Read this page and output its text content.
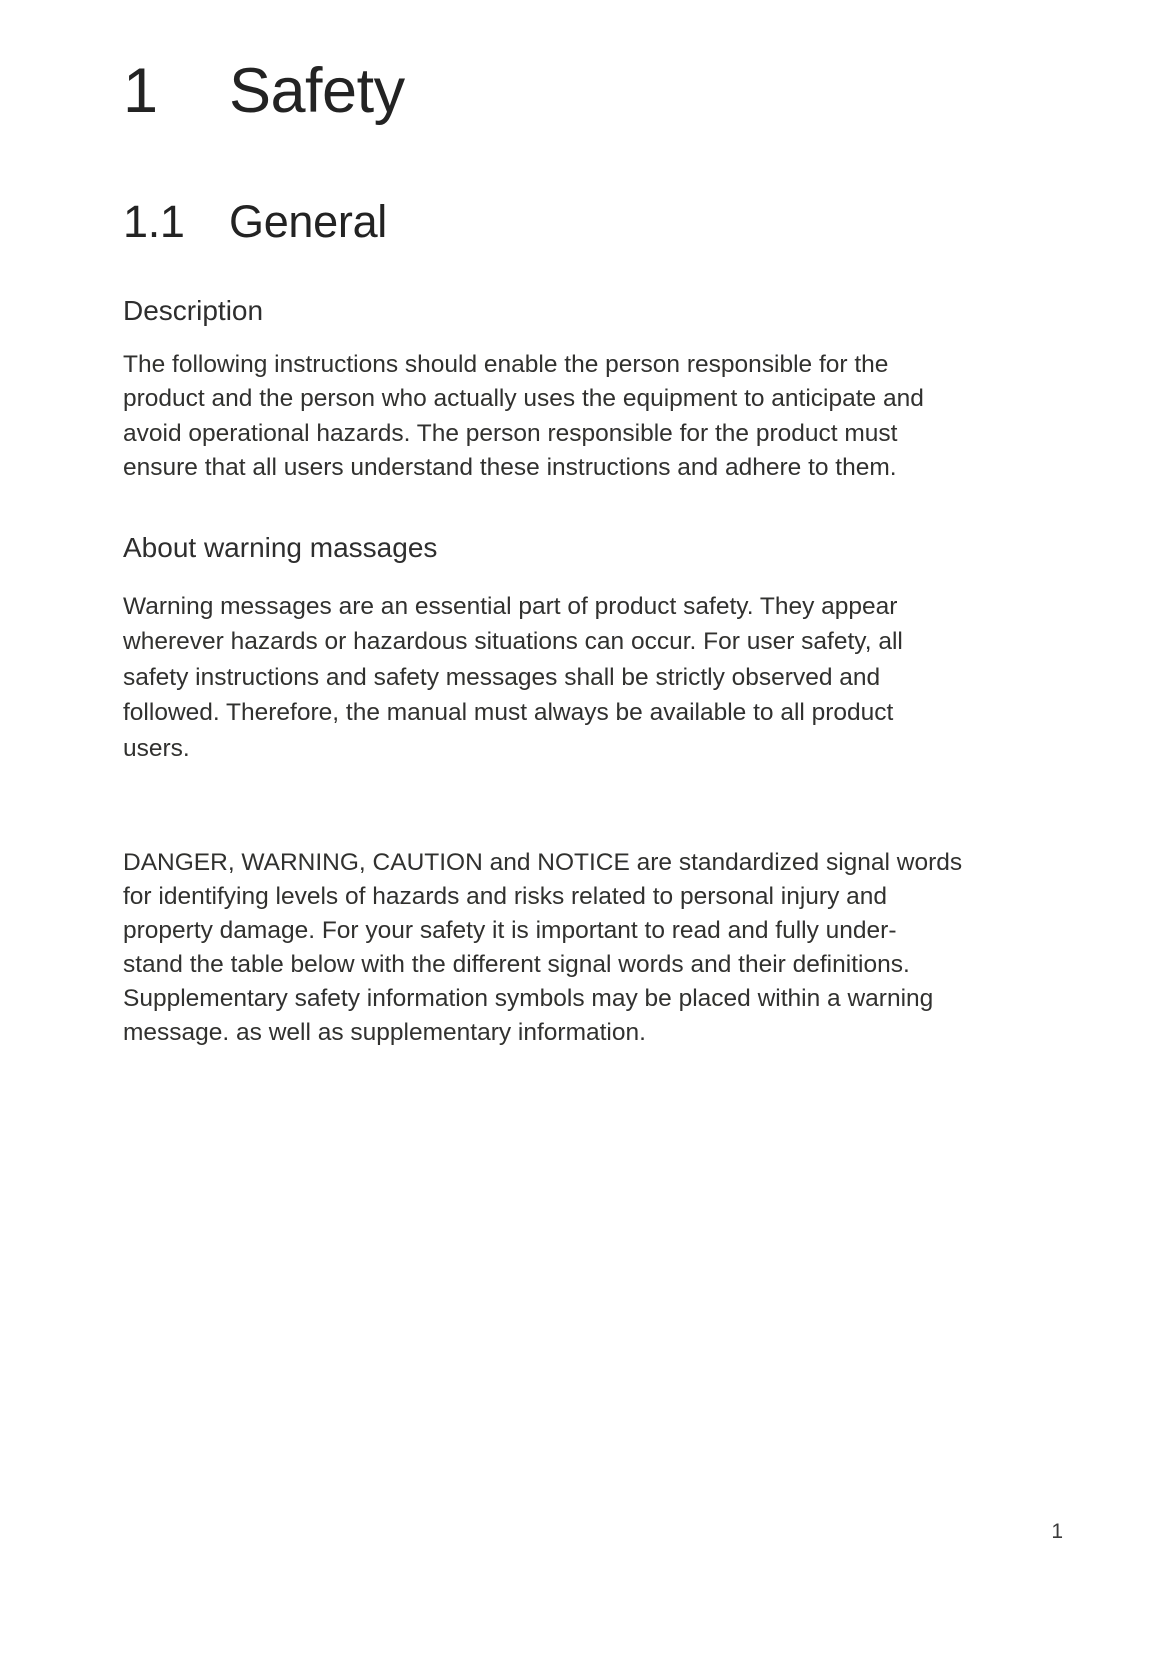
1	Safety
1.1 General
Description

The following instructions should enable the person responsible for the
product and the person who actually uses the equipment to anticipate and
avoid operational hazards. The person responsible for the product must
ensure that all users understand these instructions and adhere to them.

About warning massages

Warning messages are an essential part of product safety. They appear
wherever hazards or hazardous situations can occur. For user safety, all
safety instructions and safety messages shall be strictly observed and
followed. Therefore, the manual must always be available to all product
users.

DANGER, WARNING, CAUTION and NOTICE are standardized signal words
for identifying levels of hazards and risks related to personal injury and
property damage. For your safety it is important to read and fully under-
stand the table below with the different signal words and their definitions.
Supplementary safety information symbols may be placed within a warning
message. as well as supplementary information.

1
